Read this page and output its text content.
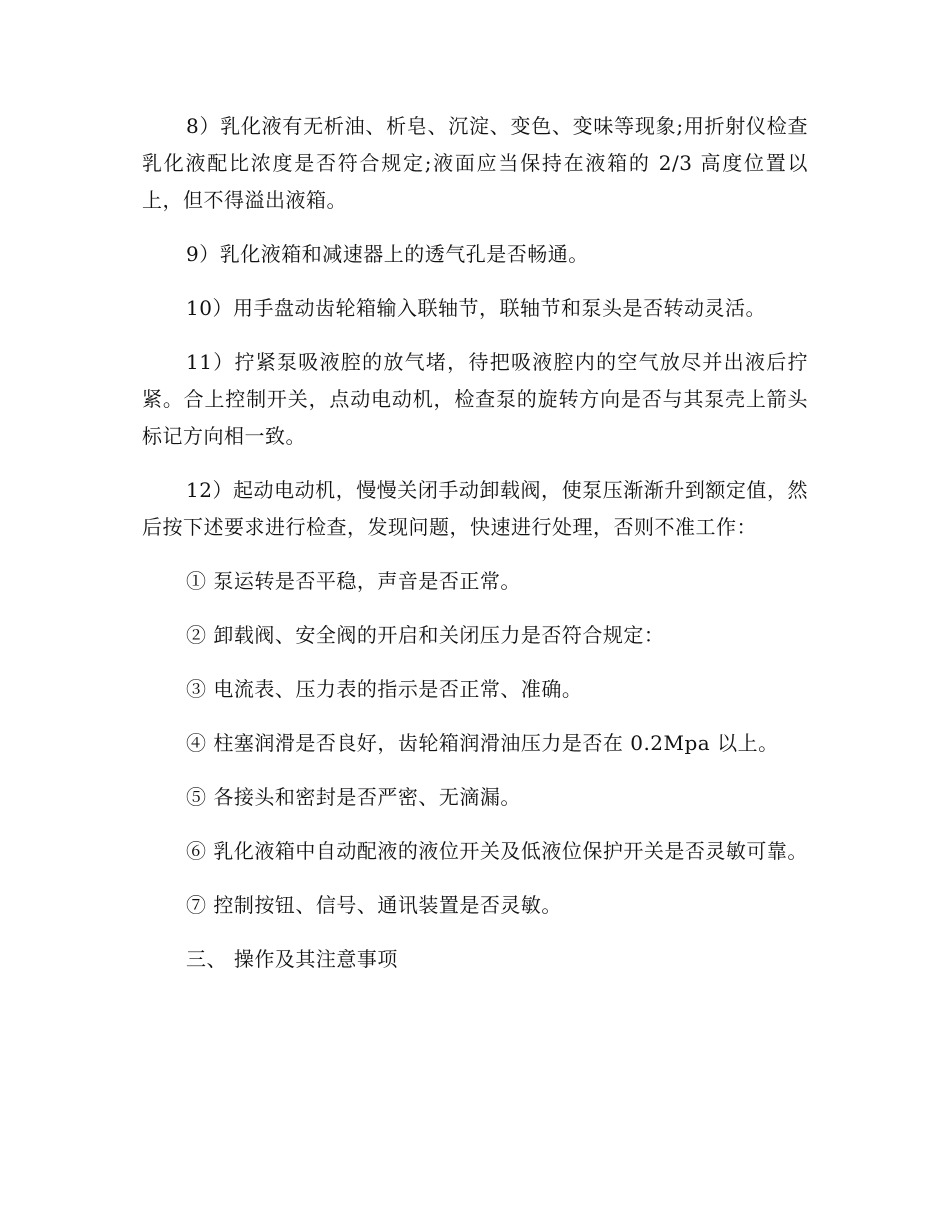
8）乳化液有无析油、析皂、沉淀、变色、变味等现象;用折射仪检查乳化液配比浓度是否符合规定;液面应当保持在液箱的 2/3 高度位置以上，但不得溢出液箱。

9）乳化液箱和减速器上的透气孔是否畅通。

10）用手盘动齿轮箱输入联轴节，联轴节和泵头是否转动灵活。

11）拧紧泵吸液腔的放气堵，待把吸液腔内的空气放尽并出液后拧紧。合上控制开关，点动电动机，检查泵的旋转方向是否与其泵壳上箭头标记方向相一致。

12）起动电动机，慢慢关闭手动卸载阀，使泵压渐渐升到额定值，然后按下述要求进行检查，发现问题，快速进行处理，否则不准工作：

① 泵运转是否平稳，声音是否正常。

② 卸载阀、安全阀的开启和关闭压力是否符合规定：

③ 电流表、压力表的指示是否正常、准确。

④ 柱塞润滑是否良好，齿轮箱润滑油压力是否在 0.2Mpa 以上。

⑤ 各接头和密封是否严密、无滴漏。

⑥ 乳化液箱中自动配液的液位开关及低液位保护开关是否灵敏可靠。

⑦ 控制按钮、信号、通讯装置是否灵敏。

三、 操作及其注意事项
